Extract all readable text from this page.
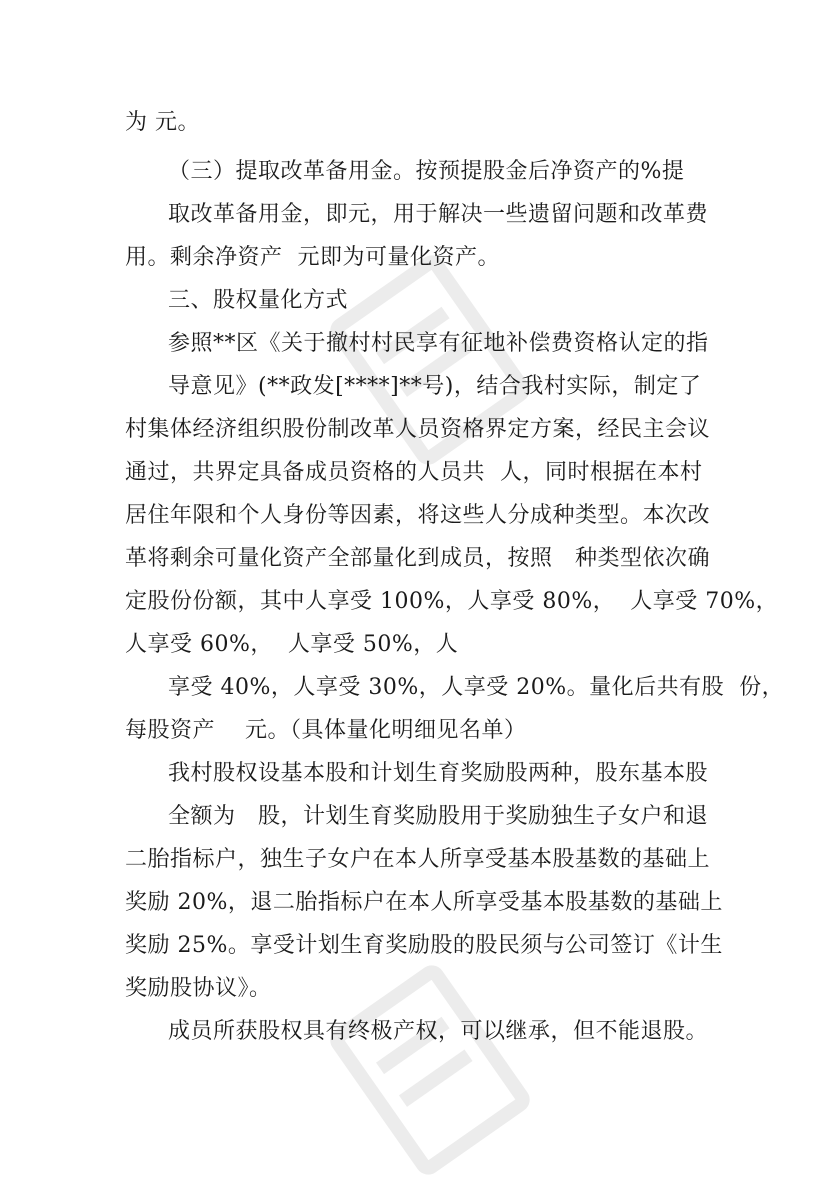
为 元。
（三）提取改革备用金。按预提股金后净资产的%提
取改革备用金，即元，用于解决一些遗留问题和改革费
用。剩余净资产  元即为可量化资产。
三、股权量化方式
参照**区《关于撤村村民享有征地补偿费资格认定的指
导意见》(**政发[****]**号)，结合我村实际，制定了
村集体经济组织股份制改革人员资格界定方案，经民主会议
通过，共界定具备成员资格的人员共  人，同时根据在本村
居住年限和个人身份等因素，将这些人分成种类型。本次改
革将剩余可量化资产全部量化到成员，按照   种类型依次确
定股份份额，其中人享受 100%，人享受 80%，  人享受 70%，
人享受 60%，  人享受 50%，人
享受 40%，人享受 30%，人享受 20%。量化后共有股  份，
每股资产    元。（具体量化明细见名单）
我村股权设基本股和计划生育奖励股两种，股东基本股
全额为   股，计划生育奖励股用于奖励独生子女户和退
二胎指标户，独生子女户在本人所享受基本股基数的基础上
奖励 20%，退二胎指标户在本人所享受基本股基数的基础上
奖励 25%。享受计划生育奖励股的股民须与公司签订《计生
奖励股协议》。
成员所获股权具有终极产权，可以继承，但不能退股。
